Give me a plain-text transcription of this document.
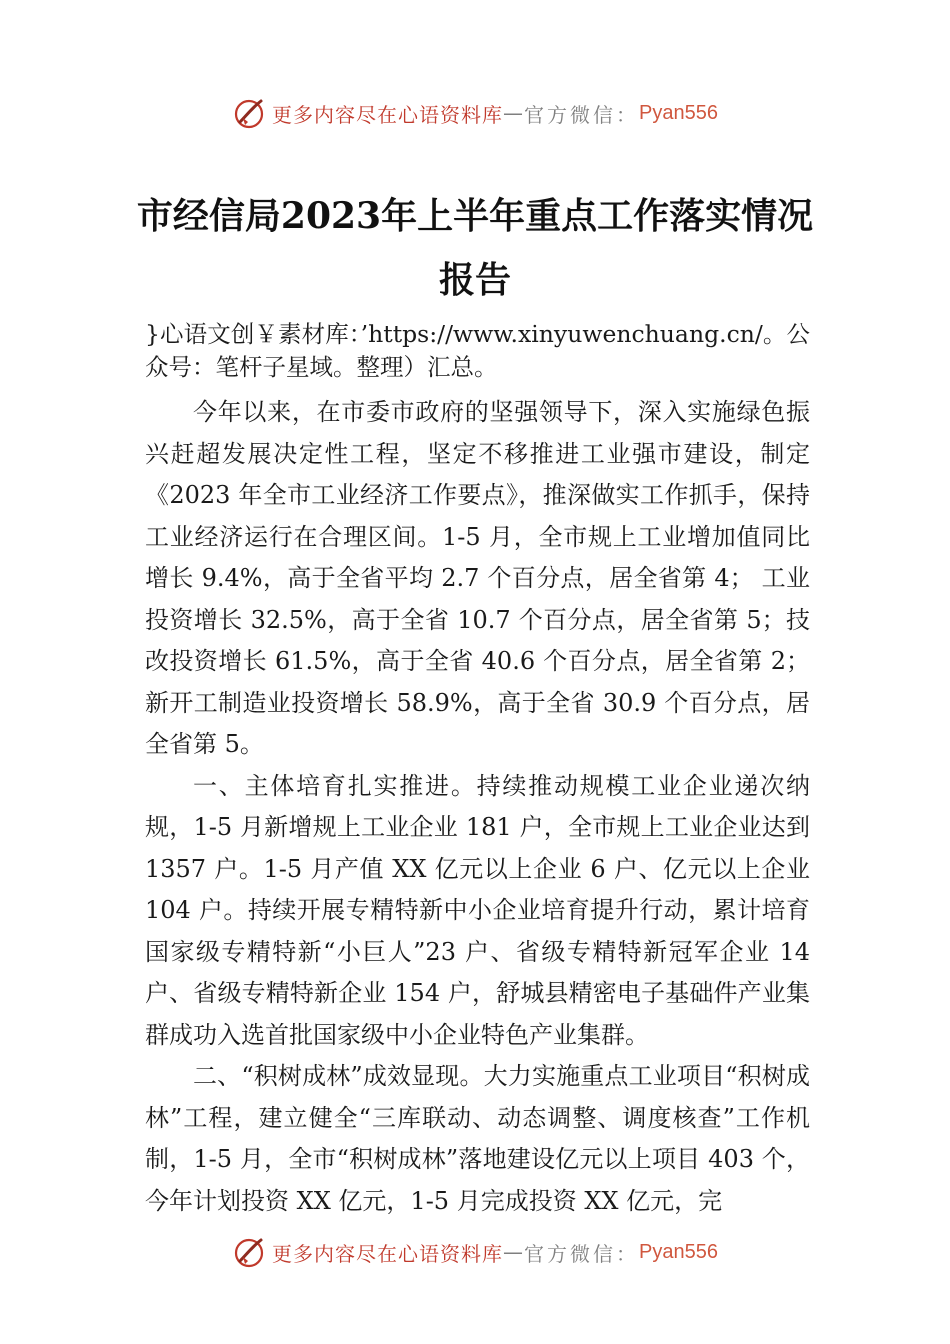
更多内容尽在心语资料库 — 官方微信： Pyan556
市经信局2023年上半年重点工作落实情况
报告
}心语文创￥素材库：’https://www.xinyuwenchuang.cn/。公众号：笔杆子星域。整理）汇总。

今年以来，在市委市政府的坚强领导下，深入实施绿色振兴赶超发展决定性工程，坚定不移推进工业强市建设，制定《2023 年全市工业经济工作要点》，推深做实工作抓手，保持工业经济运行在合理区间。1-5 月，全市规上工业增加值同比增长 9.4%，高于全省平均 2.7 个百分点，居全省第 4； 工业投资增长 32.5%，高于全省 10.7 个百分点，居全省第 5；技改投资增长 61.5%，高于全省 40.6 个百分点，居全省第 2；新开工制造业投资增长 58.9%，高于全省 30.9 个百分点，居全省第 5。

一、主体培育扎实推进。持续推动规模工业企业递次纳规，1-5 月新增规上工业企业 181 户，全市规上工业企业达到 1357 户。1-5 月产值 XX 亿元以上企业 6 户、亿元以上企业 104 户。持续开展专精特新中小企业培育提升行动，累计培育国家级专精特新“小巨人”23 户、省级专精特新冠军企业 14 户、省级专精特新企业 154 户，舒城县精密电子基础件产业集群成功入选首批国家级中小企业特色产业集群。

二、“积树成林”成效显现。大力实施重点工业项目“积树成林”工程，建立健全“三库联动、动态调整、调度核查”工作机制，1-5 月，全市“积树成林”落地建设亿元以上项目 403 个，今年计划投资 XX 亿元，1-5 月完成投资 XX 亿元，完

更多内容尽在心语资料库 — 官方微信： Pyan556
